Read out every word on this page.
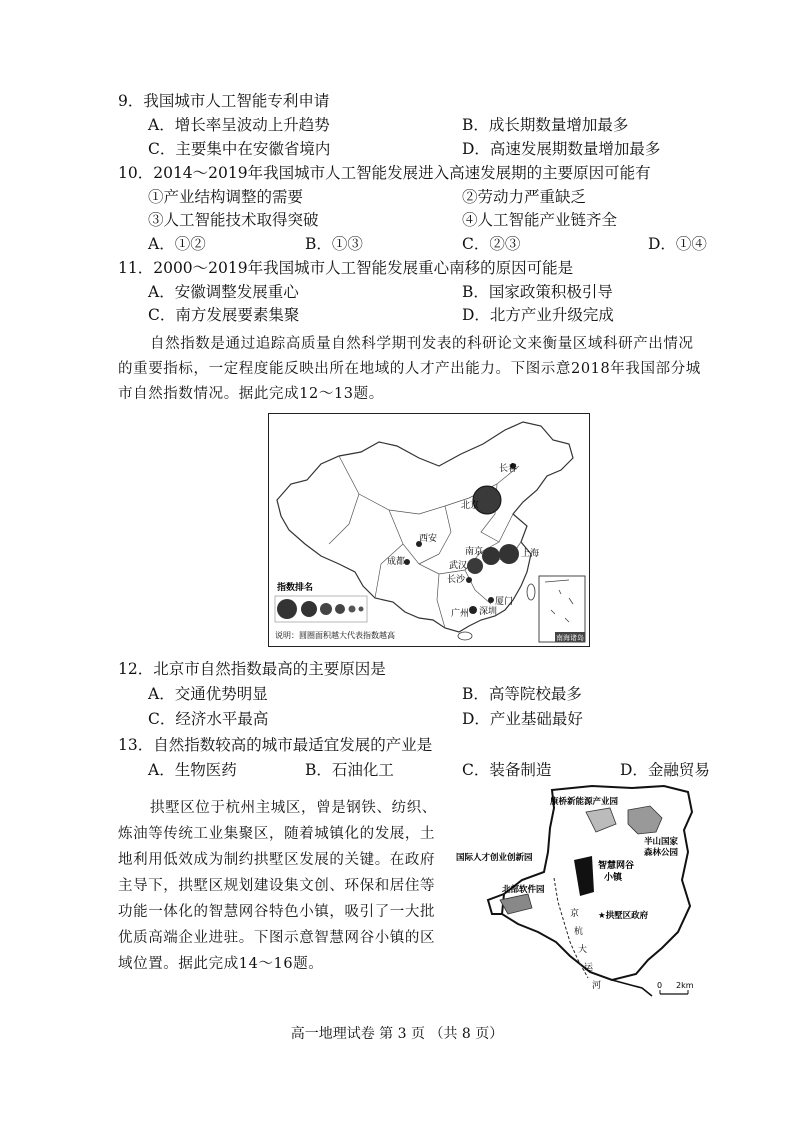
9．我国城市人工智能专利申请
A．增长率呈波动上升趋势	B．成长期数量增加最多
C．主要集中在安徽省境内	D．高速发展期数量增加最多
10．2014～2019年我国城市人工智能发展进入高速发展期的主要原因可能有
①产业结构调整的需要	②劳动力严重缺乏
③人工智能技术取得突破	④人工智能产业链齐全
A．①②	B．①③	C．②③	D．①④
11．2000～2019年我国城市人工智能发展重心南移的原因可能是
A．安徽调整发展重心	B．国家政策积极引导
C．南方发展要素集聚	D．北方产业升级完成
自然指数是通过追踪高质量自然科学期刊发表的科研论文来衡量区域科研产出情况
的重要指标，一定程度能反映出所在地域的人才产出能力。下图示意2018年我国部分城
市自然指数情况。据此完成12～13题。
长春
北京
西安
南京	上海
成都	武汉
长沙
厦门
广州 深圳
指数排名
说明：圆圈面积越大代表指数越高	南海诸岛
12．北京市自然指数最高的主要原因是
A．交通优势明显	B．高等院校最多
C．经济水平最高	D．产业基础最好
13．自然指数较高的城市最适宜发展的产业是
A．生物医药	B．石油化工	C．装备制造	D．金融贸易
拱墅区位于杭州主城区，曾是钢铁、纺织、
炼油等传统工业集聚区，随着城镇化的发展，土
地利用低效成为制约拱墅区发展的关键。在政府
主导下，拱墅区规划建设集文创、环保和居住等
功能一体化的智慧网谷特色小镇，吸引了一大批
优质高端企业进驻。下图示意智慧网谷小镇的区
域位置。据此完成14～16题。
康桥新能源产业园
半山国家
森林公园
国际人才创业创新园
智慧网谷
小镇
北部软件园
京
杭
大
运
河
★拱墅区政府
0 2km
高一地理试卷 第 3 页 （共 8 页）
